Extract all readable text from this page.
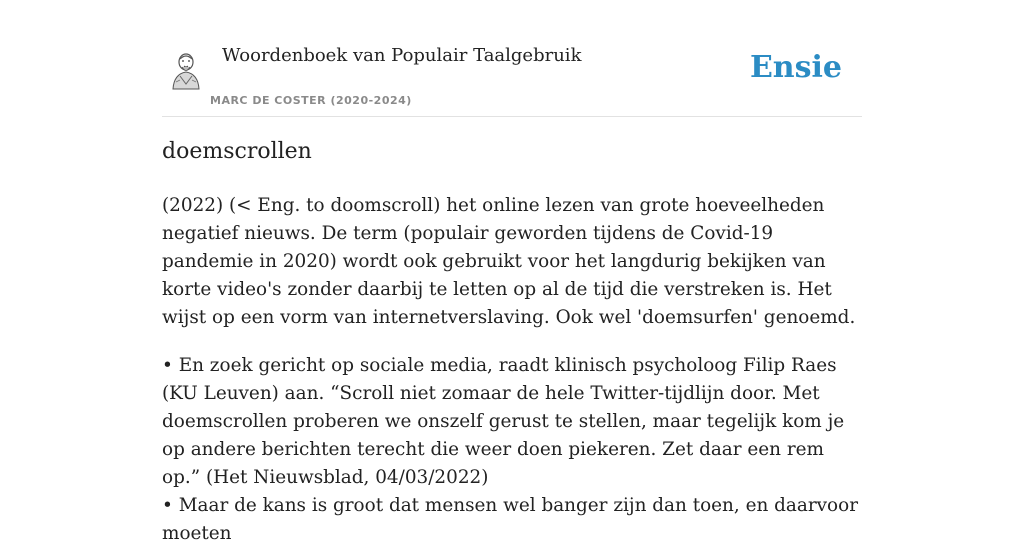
Woordenboek van Populair Taalgebruik
MARC DE COSTER (2020-2024)
Ensie
doemscrollen

(2022) (< Eng. to doomscroll) het online lezen van grote hoeveelheden negatief nieuws. De term (populair geworden tijdens de Covid-19 pandemie in 2020) wordt ook gebruikt voor het langdurig bekijken van korte video's zonder daarbij te letten op al de tijd die verstreken is. Het wijst op een vorm van internetverslaving. Ook wel 'doemsurfen' genoemd.

• En zoek gericht op sociale media, raadt klinisch psycholoog Filip Raes (KU Leuven) aan. “Scroll niet zomaar de hele Twitter-tijdlijn door. Met doemscrollen proberen we onszelf gerust te stellen, maar tegelijk kom je op andere berichten terecht die weer doen piekeren. Zet daar een rem op.” (Het Nieuwsblad, 04/03/2022)

• Maar de kans is groot dat mensen wel banger zijn dan toen, en daarvoor moeten
